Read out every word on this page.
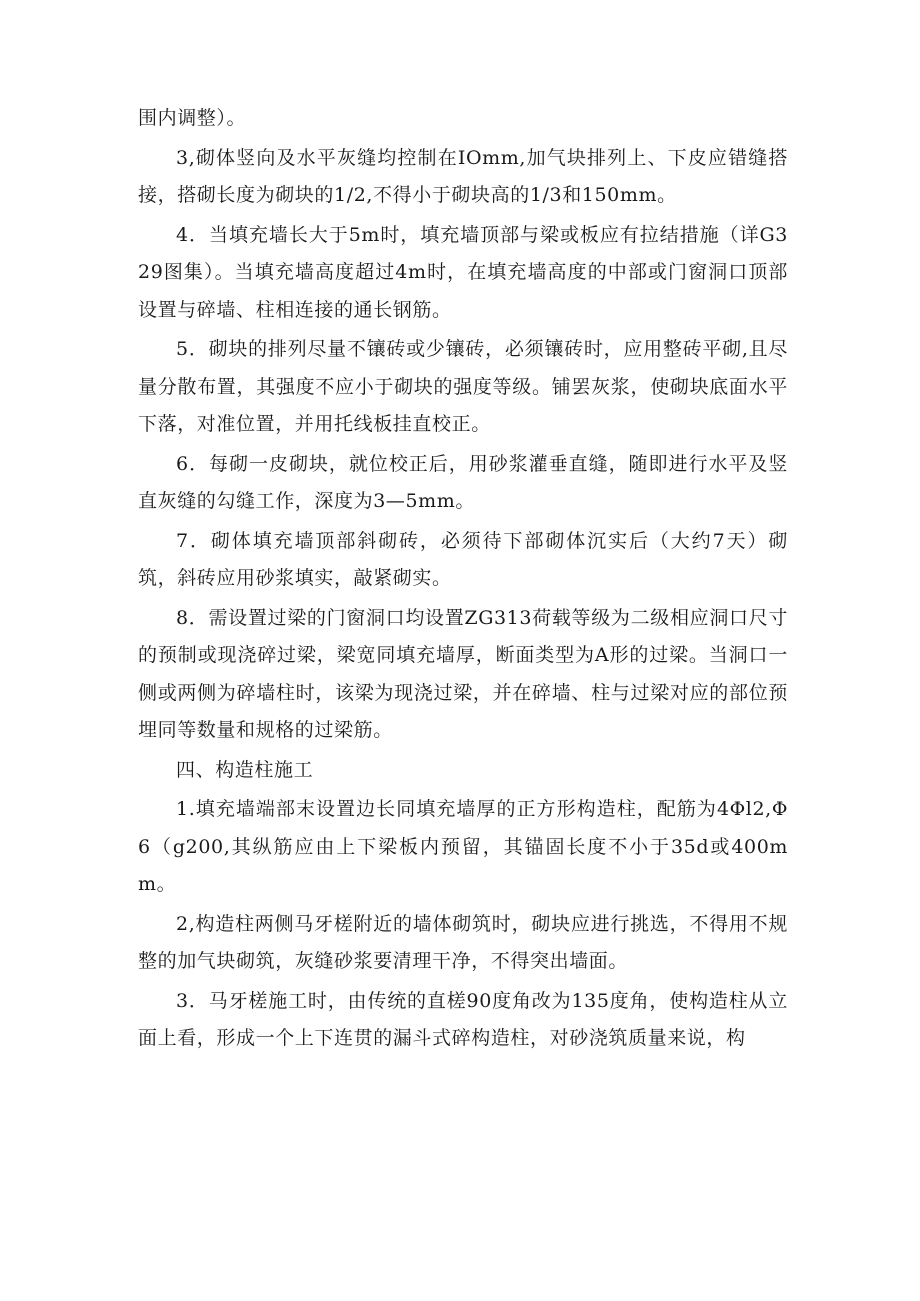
围内调整）。

3,砌体竖向及水平灰缝均控制在IOmm,加气块排列上、下皮应错缝搭接，搭砌长度为砌块的1/2,不得小于砌块高的1/3和150mm。

4．当填充墙长大于5m时，填充墙顶部与梁或板应有拉结措施（详G329图集）。当填充墙高度超过4m时，在填充墙高度的中部或门窗洞口顶部设置与碎墙、柱相连接的通长钢筋。

5．砌块的排列尽量不镶砖或少镶砖，必须镶砖时，应用整砖平砌,且尽量分散布置，其强度不应小于砌块的强度等级。铺罢灰浆，使砌块底面水平下落，对准位置，并用托线板挂直校正。

6．每砌一皮砌块，就位校正后，用砂浆灌垂直缝，随即进行水平及竖直灰缝的勾缝工作，深度为3—5mm。

7．砌体填充墙顶部斜砌砖，必须待下部砌体沉实后（大约7天）砌筑，斜砖应用砂浆填实，敲紧砌实。

8．需设置过梁的门窗洞口均设置ZG313荷载等级为二级相应洞口尺寸的预制或现浇碎过梁，梁宽同填充墙厚，断面类型为A形的过梁。当洞口一侧或两侧为碎墙柱时，该梁为现浇过梁，并在碎墙、柱与过梁对应的部位预埋同等数量和规格的过梁筋。

四、构造柱施工

1.填充墙端部末设置边长同填充墙厚的正方形构造柱，配筋为4Φl2,Φ6（g200,其纵筋应由上下梁板内预留，其锚固长度不小于35d或400mm。

2,构造柱两侧马牙槎附近的墙体砌筑时，砌块应进行挑选，不得用不规整的加气块砌筑，灰缝砂浆要清理干净，不得突出墙面。

3．马牙槎施工时，由传统的直槎90度角改为135度角，使构造柱从立面上看，形成一个上下连贯的漏斗式碎构造柱，对砂浇筑质量来说，构
